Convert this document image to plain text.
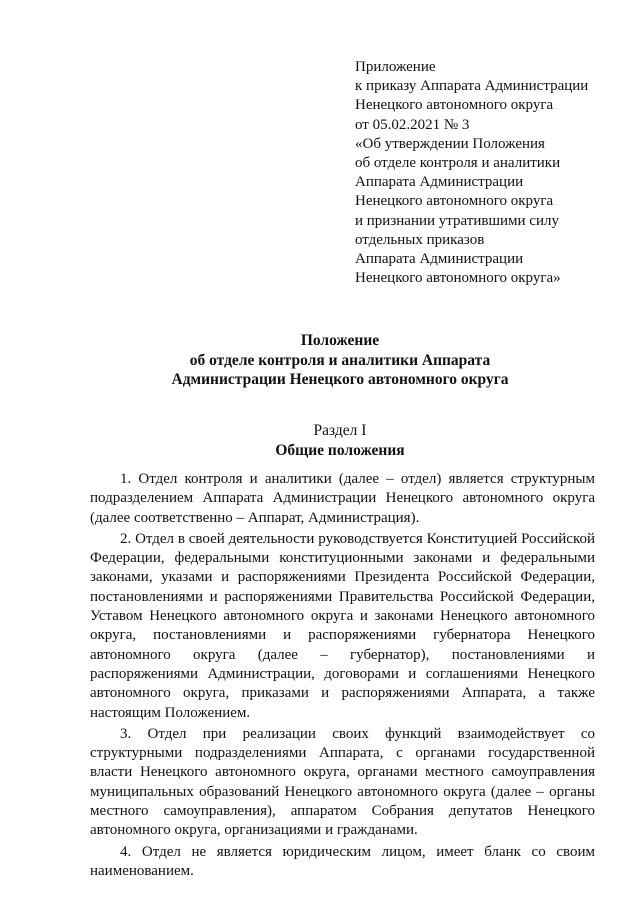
Приложение
к приказу Аппарата Администрации
Ненецкого автономного округа
от 05.02.2021 № 3
«Об утверждении Положения
об отделе контроля и аналитики
Аппарата Администрации
Ненецкого автономного округа
и признании утратившими силу
отдельных приказов
Аппарата Администрации
Ненецкого автономного округа»
Положение
об отделе контроля и аналитики Аппарата
Администрации Ненецкого автономного округа
Раздел I
Общие положения

1. Отдел контроля и аналитики (далее – отдел) является структурным подразделением Аппарата Администрации Ненецкого автономного округа (далее соответственно – Аппарат, Администрация).

2. Отдел в своей деятельности руководствуется Конституцией Российской Федерации, федеральными конституционными законами и федеральными законами, указами и распоряжениями Президента Российской Федерации, постановлениями и распоряжениями Правительства Российской Федерации, Уставом Ненецкого автономного округа и законами Ненецкого автономного округа, постановлениями и распоряжениями губернатора Ненецкого автономного округа (далее – губернатор), постановлениями и распоряжениями Администрации, договорами и соглашениями Ненецкого автономного округа, приказами и распоряжениями Аппарата, а также настоящим Положением.

3. Отдел при реализации своих функций взаимодействует со структурными подразделениями Аппарата, с органами государственной власти Ненецкого автономного округа, органами местного самоуправления муниципальных образований Ненецкого автономного округа (далее – органы местного самоуправления), аппаратом Собрания депутатов Ненецкого автономного округа, организациями и гражданами.

4. Отдел не является юридическим лицом, имеет бланк со своим наименованием.
